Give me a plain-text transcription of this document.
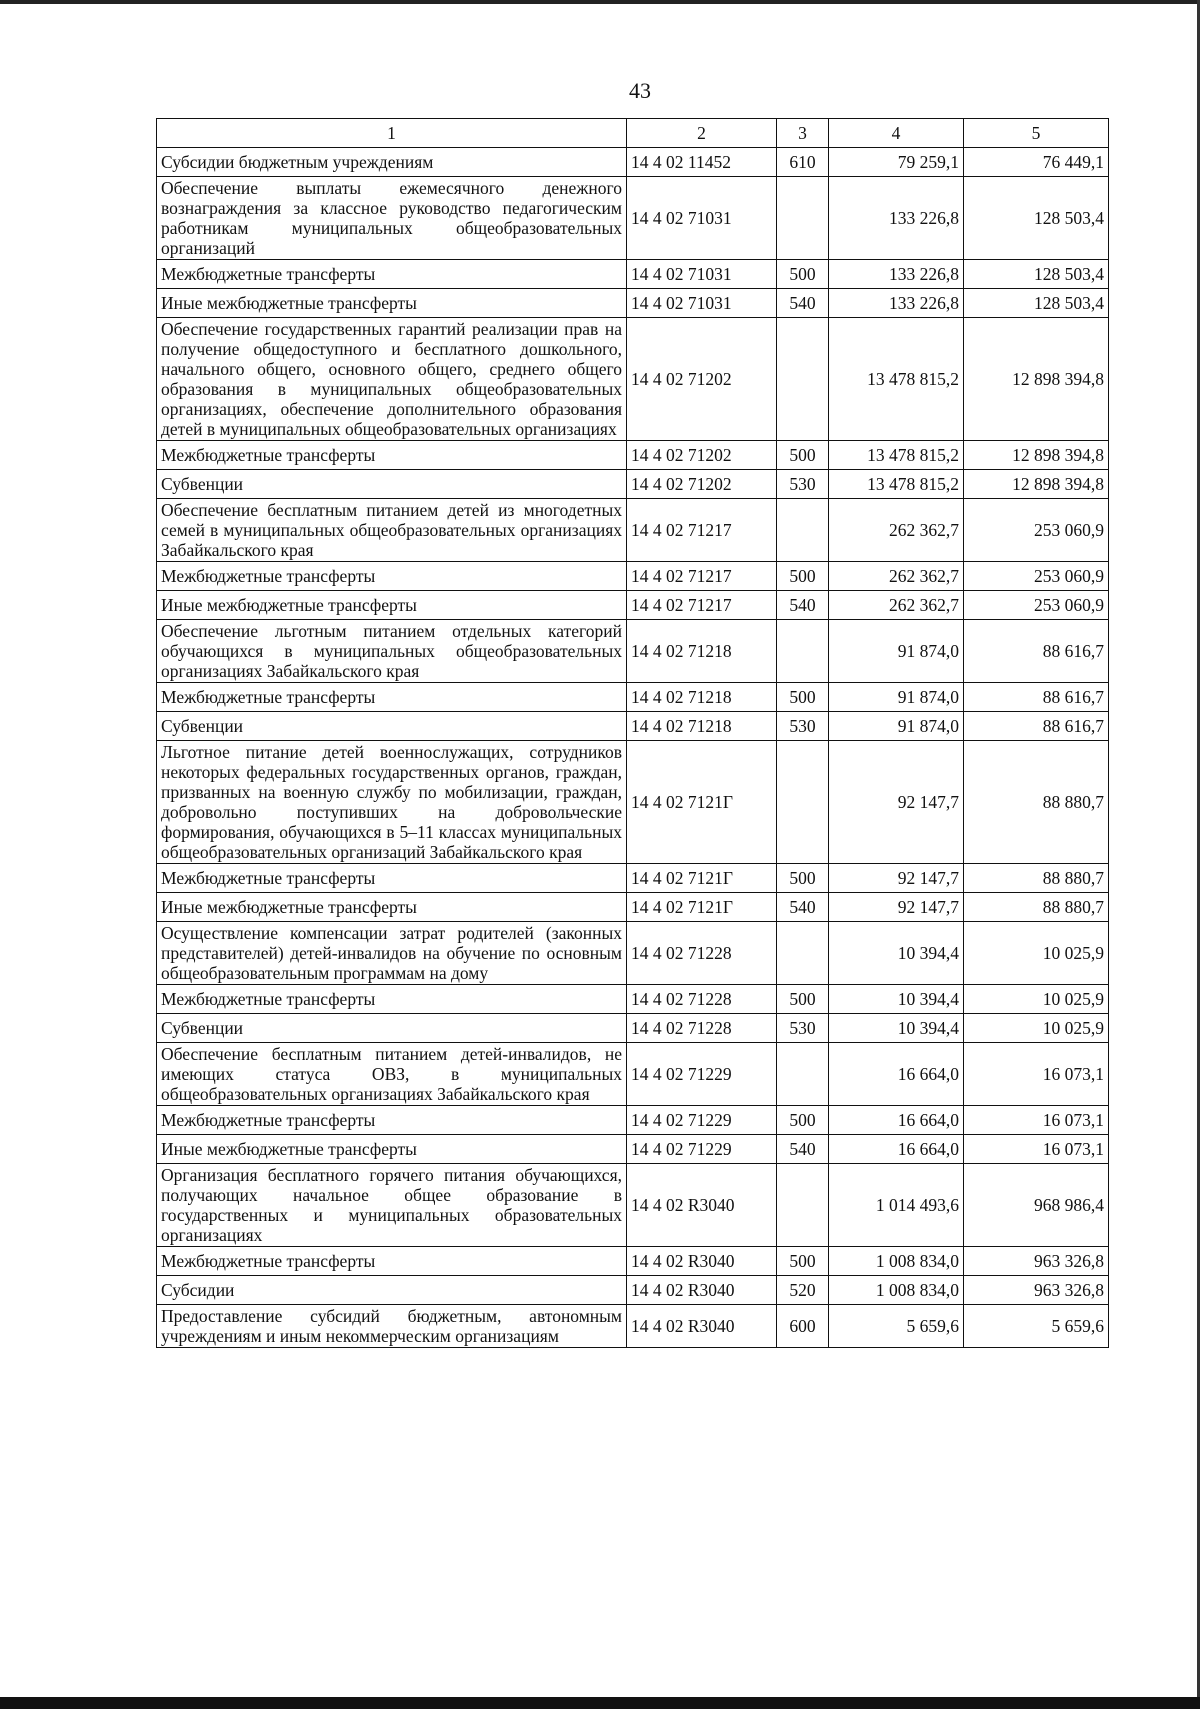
43
1	2	3	4	5
Субсидии бюджетным учреждениям	14 4 02 11452	610	79 259,1	76 449,1
Обеспечение выплаты ежемесячного денежного вознаграждения за классное руководство педагогическим работникам муниципальных общеобразовательных организаций	14 4 02 71031		133 226,8	128 503,4
Межбюджетные трансферты	14 4 02 71031	500	133 226,8	128 503,4
Иные межбюджетные трансферты	14 4 02 71031	540	133 226,8	128 503,4
Обеспечение государственных гарантий реализации прав на получение общедоступного и бесплатного дошкольного, начального общего, основного общего, среднего общего образования в муниципальных общеобразовательных организациях, обеспечение дополнительного образования детей в муниципальных общеобразовательных организациях	14 4 02 71202		13 478 815,2	12 898 394,8
Межбюджетные трансферты	14 4 02 71202	500	13 478 815,2	12 898 394,8
Субвенции	14 4 02 71202	530	13 478 815,2	12 898 394,8
Обеспечение бесплатным питанием детей из многодетных семей в муниципальных общеобразовательных организациях Забайкальского края	14 4 02 71217		262 362,7	253 060,9
Межбюджетные трансферты	14 4 02 71217	500	262 362,7	253 060,9
Иные межбюджетные трансферты	14 4 02 71217	540	262 362,7	253 060,9
Обеспечение льготным питанием отдельных категорий обучающихся в муниципальных общеобразовательных организациях Забайкальского края	14 4 02 71218		91 874,0	88 616,7
Межбюджетные трансферты	14 4 02 71218	500	91 874,0	88 616,7
Субвенции	14 4 02 71218	530	91 874,0	88 616,7
Льготное питание детей военнослужащих, сотрудников некоторых федеральных государственных органов, граждан, призванных на военную службу по мобилизации, граждан, добровольно поступивших на добровольческие формирования, обучающихся в 5–11 классах муниципальных общеобразовательных организаций Забайкальского края	14 4 02 7121Г		92 147,7	88 880,7
Межбюджетные трансферты	14 4 02 7121Г	500	92 147,7	88 880,7
Иные межбюджетные трансферты	14 4 02 7121Г	540	92 147,7	88 880,7
Осуществление компенсации затрат родителей (законных представителей) детей-инвалидов на обучение по основным общеобразовательным программам на дому	14 4 02 71228		10 394,4	10 025,9
Межбюджетные трансферты	14 4 02 71228	500	10 394,4	10 025,9
Субвенции	14 4 02 71228	530	10 394,4	10 025,9
Обеспечение бесплатным питанием детей-инвалидов, не имеющих статуса ОВЗ, в муниципальных общеобразовательных организациях Забайкальского края	14 4 02 71229		16 664,0	16 073,1
Межбюджетные трансферты	14 4 02 71229	500	16 664,0	16 073,1
Иные межбюджетные трансферты	14 4 02 71229	540	16 664,0	16 073,1
Организация бесплатного горячего питания обучающихся, получающих начальное общее образование в государственных и муниципальных образовательных организациях	14 4 02 R3040		1 014 493,6	968 986,4
Межбюджетные трансферты	14 4 02 R3040	500	1 008 834,0	963 326,8
Субсидии	14 4 02 R3040	520	1 008 834,0	963 326,8
Предоставление субсидий бюджетным, автономным учреждениям и иным некоммерческим организациям	14 4 02 R3040	600	5 659,6	5 659,6
